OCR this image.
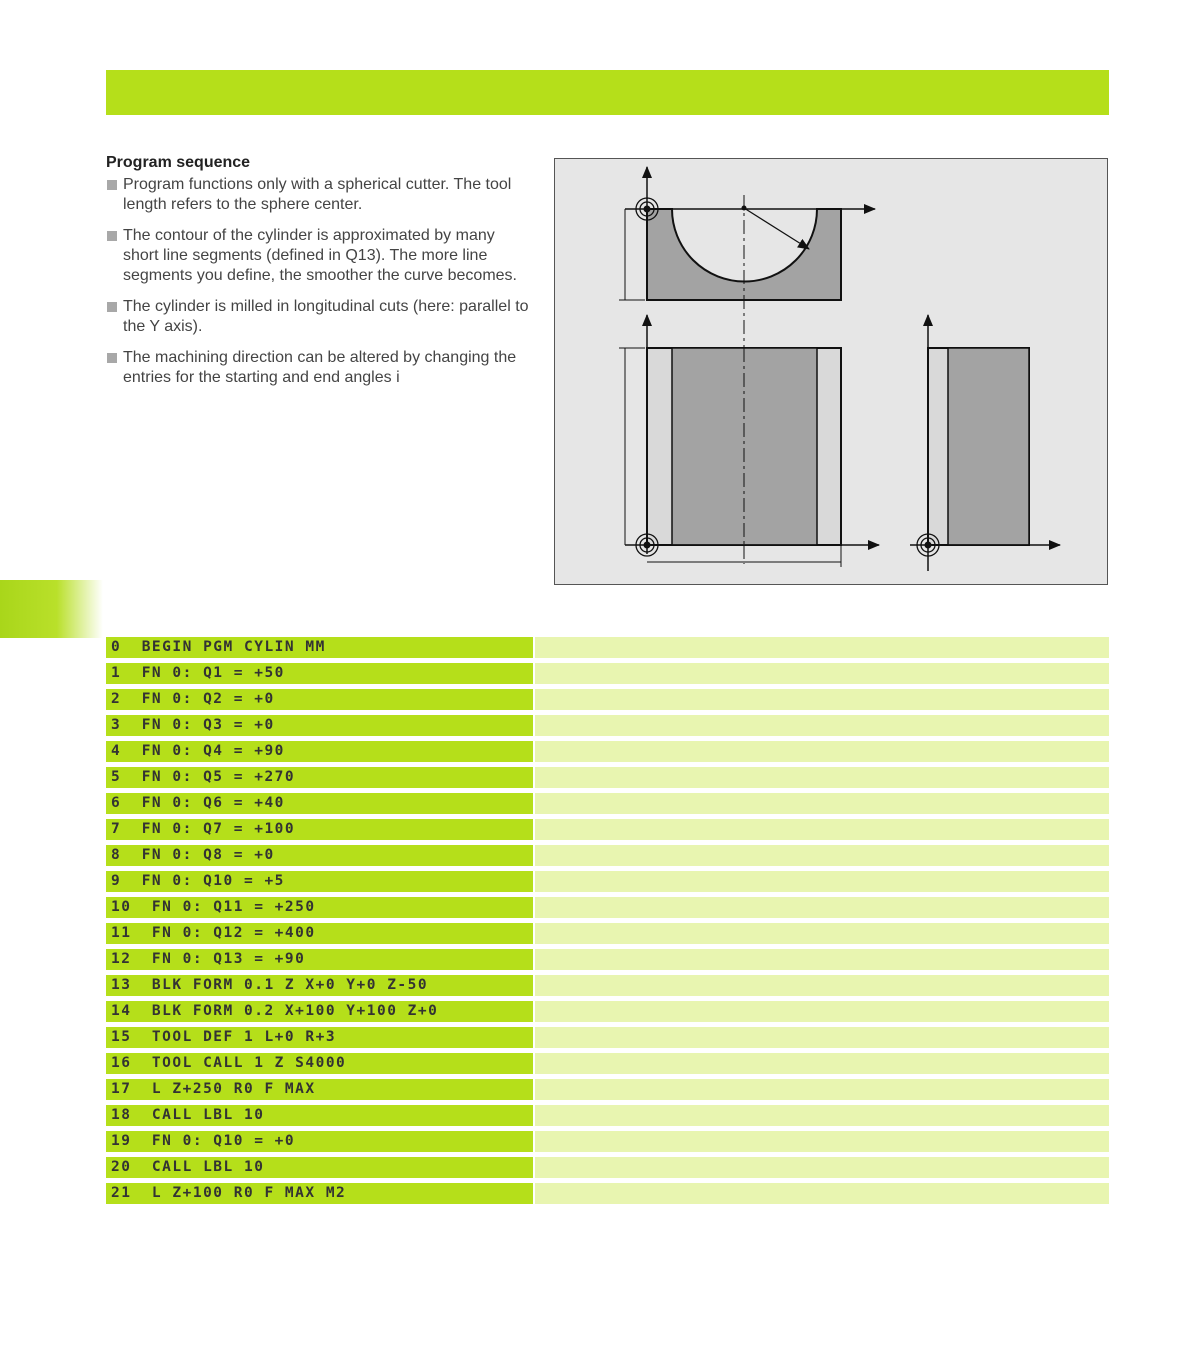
Program sequence
Program functions only with a spherical cutter. The tool length refers to the sphere center.
The contour of the cylinder is approximated by many short line segments (defined in Q13). The more line segments you define, the smoother the curve becomes.
The cylinder is milled in longitudinal cuts (here: parallel to the Y axis).
The machining direction can be altered by changing the entries for the starting and end angles i
0  BEGIN PGM CYLIN MM
1  FN 0: Q1 = +50
2  FN 0: Q2 = +0
3  FN 0: Q3 = +0
4  FN 0: Q4 = +90
5  FN 0: Q5 = +270
6  FN 0: Q6 = +40
7  FN 0: Q7 = +100
8  FN 0: Q8 = +0
9  FN 0: Q10 = +5
10  FN 0: Q11 = +250
11  FN 0: Q12 = +400
12  FN 0: Q13 = +90
13  BLK FORM 0.1 Z X+0 Y+0 Z-50
14  BLK FORM 0.2 X+100 Y+100 Z+0
15  TOOL DEF 1 L+0 R+3
16  TOOL CALL 1 Z S4000
17  L Z+250 R0 F MAX
18  CALL LBL 10
19  FN 0: Q10 = +0
20  CALL LBL 10
21  L Z+100 R0 F MAX M2
